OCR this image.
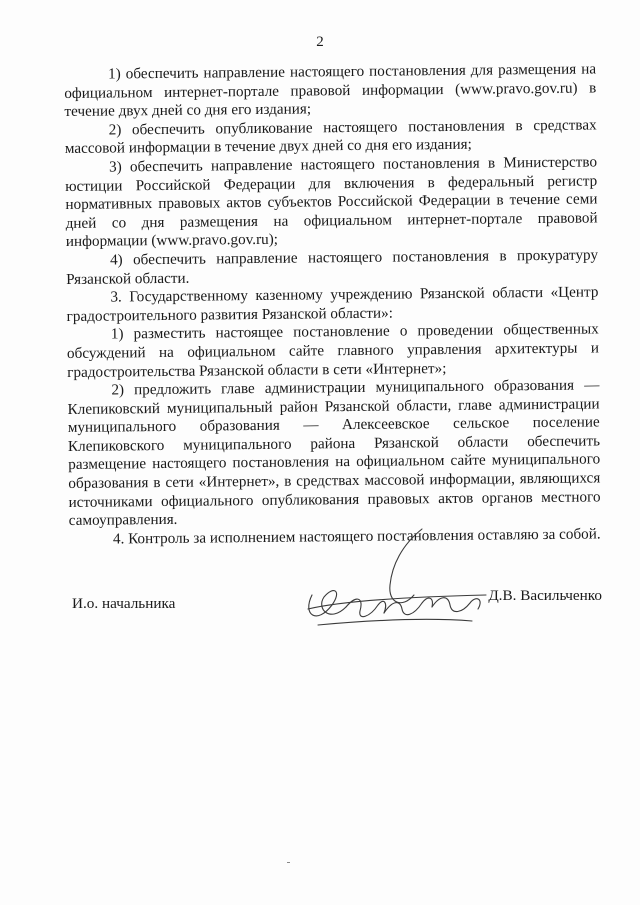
2

1) обеспечить направление настоящего постановления для размещения на официальном интернет-портале правовой информации (www.pravo.gov.ru) в течение двух дней со дня его издания;

2) обеспечить опубликование настоящего постановления в средствах массовой информации в течение двух дней со дня его издания;

3) обеспечить направление настоящего постановления в Министерство юстиции Российской Федерации для включения в федеральный регистр нормативных правовых актов субъектов Российской Федерации в течение семи дней со дня размещения на официальном интернет-портале правовой информации (www.pravo.gov.ru);

4) обеспечить направление настоящего постановления в прокуратуру Рязанской области.

3. Государственному казенному учреждению Рязанской области «Центр градостроительного развития Рязанской области»:

1) разместить настоящее постановление о проведении общественных обсуждений на официальном сайте главного управления архитектуры и градостроительства Рязанской области в сети «Интернет»;

2) предложить главе администрации муниципального образования — Клепиковский муниципальный район Рязанской области, главе администрации муниципального образования — Алексеевское сельское поселение Клепиковского муниципального района Рязанской области обеспечить размещение настоящего постановления на официальном сайте муниципального образования в сети «Интернет», в средствах массовой информации, являющихся источниками официального опубликования правовых актов органов местного самоуправления.

4. Контроль за исполнением настоящего постановления оставляю за собой.

И.о. начальника	Д.В. Васильченко
